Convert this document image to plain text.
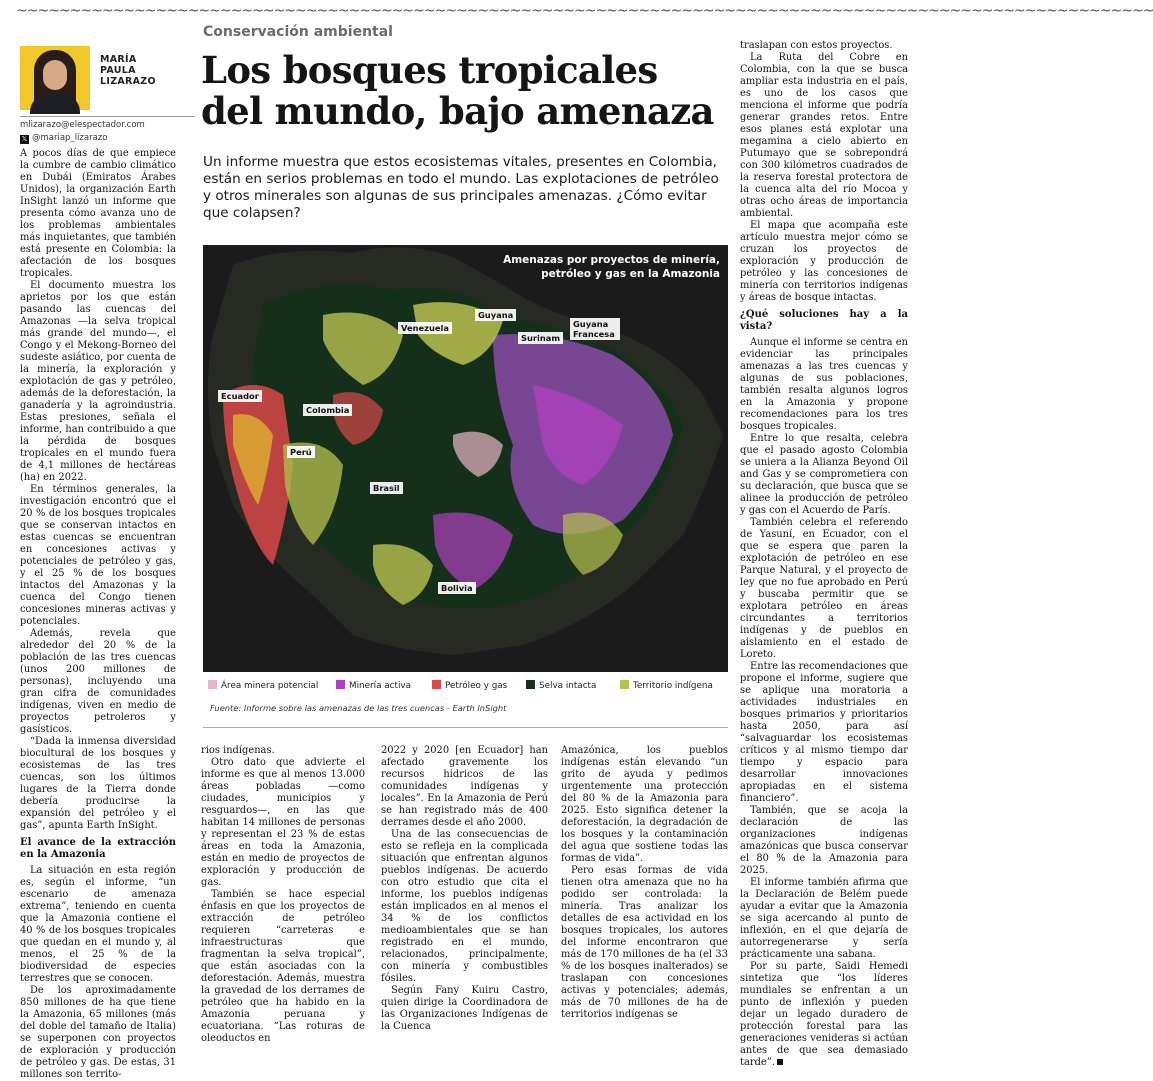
~~~~~~~~~~~~~~~~~~~~~~~~~~~~~~~~~~~~~~~~~~~~~~~~~~~~~~~~~~~~~~~~~~~~~~~~~~~~~~~~~~~~~~~~~~~~~~~~~~~~~~~~~~
MARÍA
PAULA
LIZARAZO
mlizarazo@elespectador.com
𝕏 @mariap_lizarazo
Conservación ambiental
Los bosques tropicales del mundo, bajo amenaza
Un informe muestra que estos ecosistemas vitales, presentes en Colombia, están en serios problemas en todo el mundo. Las explotaciones de petróleo y otros minerales son algunas de sus principales amenazas. ¿Cómo evitar que colapsen?

A pocos días de que empiece la cumbre de cambio climático en Dubái (Emiratos Árabes Unidos), la organización Earth InSight lanzó un informe que presenta cómo avanza uno de los problemas ambientales más inquietantes, que también está presente en Colombia: la afectación de los bosques tropicales.

El documento muestra los aprietos por los que están pasando las cuencas del Amazonas —la selva tropical más grande del mundo—, el Congo y el Mekong-Borneo del sudeste asiático, por cuenta de la minería, la exploración y explotación de gas y petróleo, además de la deforestación, la ganadería y la agroindustria. Estas presiones, señala el informe, han contribuido a que la pérdida de bosques tropicales en el mundo fuera de 4,1 millones de hectáreas (ha) en 2022.

En términos generales, la investigación encontró que el 20 % de los bosques tropicales que se conservan intactos en estas cuencas se encuentran en concesiones activas y potenciales de petróleo y gas, y el 25 % de los bosques intactos del Amazonas y la cuenca del Congo tienen concesiones mineras activas y potenciales.

Además, revela que alrededor del 20 % de la población de las tres cuencas (unos 200 millones de personas), incluyendo una gran cifra de comunidades indígenas, viven en medio de proyectos petroleros y gasísticos.

“Dada la inmensa diversidad biocultural de los bosques y ecosistemas de las tres cuencas, son los últimos lugares de la Tierra donde debería producirse la expansión del petróleo y el gas”, apunta Earth InSight.

El avance de la extracción en la Amazonia

La situación en esta región es, según el informe, “un escenario de amenaza extrema”, teniendo en cuenta que la Amazonia contiene el 40 % de los bosques tropicales que quedan en el mundo y, al menos, el 25 % de la biodiversidad de especies terrestres que se conocen.

De los aproximadamente 850 millones de ha que tiene la Amazonia, 65 millones (más del doble del tamaño de Italia) se superponen con proyectos de exploración y producción de petróleo y gas. De estas, 31 millones son territo-

Amenazas por proyectos de minería,
petróleo y gas en la Amazonia
Venezuela
Guyana
Surinam
Guyana Francesa
Ecuador
Colombia
Perú
Brasil
Bolivia
Área minera potencial	Minería activa	Petróleo y gas	Selva intacta	Territorio indígena
Fuente: Informe sobre las amenazas de las tres cuencas - Earth InSight

rios indígenas.

Otro dato que advierte el informe es que al menos 13.000 áreas pobladas —como ciudades, municipios y resguardos—, en las que habitan 14 millones de personas y representan el 23 % de estas áreas en toda la Amazonia, están en medio de proyectos de exploración y producción de gas.

También se hace especial énfasis en que los proyectos de extracción de petróleo requieren “carreteras e infraestructuras que fragmentan la selva tropical”, que están asociadas con la deforestación. Además, muestra la gravedad de los derrames de petróleo que ha habido en la Amazonia peruana y ecuatoriana. “Las roturas de oleoductos en

2022 y 2020 [en Ecuador] han afectado gravemente los recursos hídricos de las comunidades indígenas y locales”. En la Amazonia de Perú se han registrado más de 400 derrames desde el año 2000.

Una de las consecuencias de esto se refleja en la complicada situación que enfrentan algunos pueblos indígenas. De acuerdo con otro estudio que cita el informe, los pueblos indígenas están implicados en al menos el 34 % de los conflictos medioambientales que se han registrado en el mundo, relacionados, principalmente, con minería y combustibles fósiles.

Según Fany Kuiru Castro, quien dirige la Coordinadora de las Organizaciones Indígenas de la Cuenca

Amazónica, los pueblos indígenas están elevando “un grito de ayuda y pedimos urgentemente una protección del 80 % de la Amazonia para 2025. Esto significa detener la deforestación, la degradación de los bosques y la contaminación del agua que sostiene todas las formas de vida”.

Pero esas formas de vida tienen otra amenaza que no ha podido ser controlada: la minería. Tras analizar los detalles de esa actividad en los bosques tropicales, los autores del informe encontraron que más de 170 millones de ha (el 33 % de los bosques inalterados) se traslapan con concesiones activas y potenciales; además, más de 70 millones de ha de territorios indígenas se

traslapan con estos proyectos.

La Ruta del Cobre en Colombia, con la que se busca ampliar esta industria en el país, es uno de los casos que menciona el informe que podría generar grandes retos. Entre esos planes está explotar una megamina a cielo abierto en Putumayo que se sobrepondrá con 300 kilómetros cuadrados de la reserva forestal protectora de la cuenca alta del río Mocoa y otras ocho áreas de importancia ambiental.

El mapa que acompaña este artículo muestra mejor cómo se cruzan los proyectos de exploración y producción de petróleo y las concesiones de minería con territorios indígenas y áreas de bosque intactas.

¿Qué soluciones hay a la vista?

Aunque el informe se centra en evidenciar las principales amenazas a las tres cuencas y algunas de sus poblaciones, también resalta algunos logros en la Amazonia y propone recomendaciones para los tres bosques tropicales.

Entre lo que resalta, celebra que el pasado agosto Colombia se uniera a la Alianza Beyond Oil and Gas y se comprometiera con su declaración, que busca que se alinee la producción de petróleo y gas con el Acuerdo de París.

También celebra el referendo de Yasuní, en Ecuador, con el que se espera que paren la explotación de petróleo en ese Parque Natural, y el proyecto de ley que no fue aprobado en Perú y buscaba permitir que se explotara petróleo en áreas circundantes a territorios indígenas y de pueblos en aislamiento en el estado de Loreto.

Entre las recomendaciones que propone el informe, sugiere que se aplique una moratoria a actividades industriales en bosques primarios y prioritarios hasta 2050, para así “salvaguardar los ecosistemas críticos y al mismo tiempo dar tiempo y espacio para desarrollar innovaciones apropiadas en el sistema financiero”.

También, que se acoja la declaración de las organizaciones indígenas amazónicas que busca conservar el 80 % de la Amazonia para 2025.

El informe también afirma que la Declaración de Belém puede ayudar a evitar que la Amazonia se siga acercando al punto de inflexión, en el que dejaría de autorregenerarse y sería prácticamente una sabana.

Por su parte, Saidi Hemedi sintetiza que “los líderes mundiales se enfrentan a un punto de inflexión y pueden dejar un legado duradero de protección forestal para las generaciones venideras si actúan antes de que sea demasiado tarde”.
